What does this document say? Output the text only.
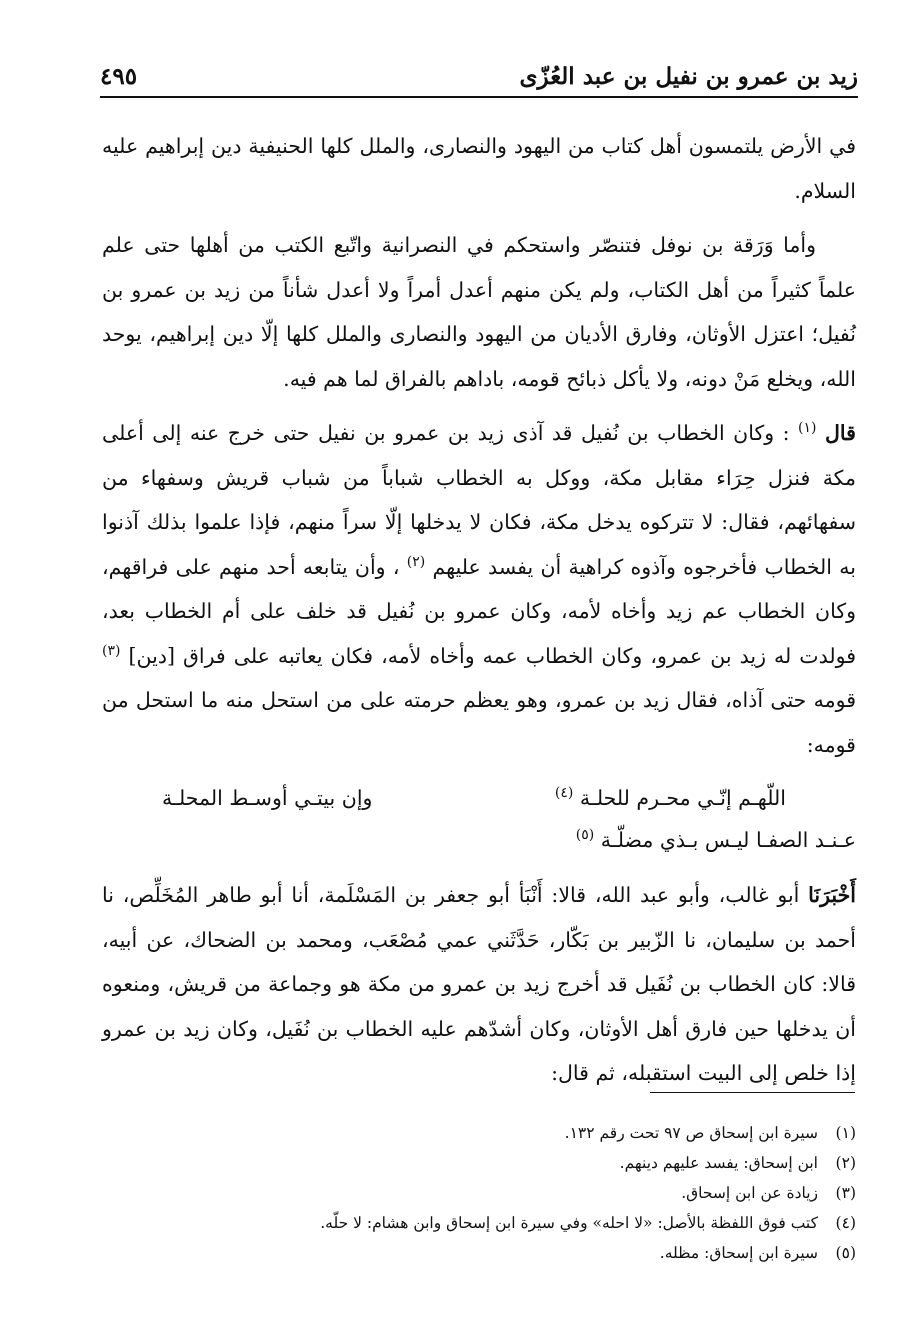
زيد بن عمرو بن نفيل بن عبد العُزّى
٤٩٥

في الأرض يلتمسون أهل كتاب من اليهود والنصارى، والملل كلها الحنيفية دين إبراهيم عليه السلام.

وأما وَرَقة بن نوفل فتنصّر واستحكم في النصرانية واتّبع الكتب من أهلها حتى علم علماً كثيراً من أهل الكتاب، ولم يكن منهم أعدل أمراً ولا أعدل شأناً من زيد بن عمرو بن نُفيل؛ اعتزل الأوثان، وفارق الأديان من اليهود والنصارى والملل كلها إلّا دين إبراهيم، يوحد الله، ويخلع مَنْ دونه، ولا يأكل ذبائح قومه، باداهم بالفراق لما هم فيه.

قال $^{(١)}$ : وكان الخطاب بن نُفيل قد آذى زيد بن عمرو بن نفيل حتى خرج عنه إلى أعلى مكة فنزل حِرَاء مقابل مكة، ووكل به الخطاب شباباً من شباب قريش وسفهاء من سفهائهم، فقال: لا تتركوه يدخل مكة، فكان لا يدخلها إلّا سراً منهم، فإذا علموا بذلك آذنوا به الخطاب فأخرجوه وآذوه كراهية أن يفسد عليهم $^{(٢)}$ ، وأن يتابعه أحد منهم على فراقهم، وكان الخطاب عم زيد وأخاه لأمه، وكان عمرو بن نُفيل قد خلف على أم الخطاب بعد، فولدت له زيد بن عمرو، وكان الخطاب عمه وأخاه لأمه، فكان يعاتبه على فراق [دين] $^{(٣)}$ قومه حتى آذاه، فقال زيد بن عمرو، وهو يعظم حرمته على من استحل منه ما استحل من قومه:

اللّهـم إنّـي محـرم للحلـة $^{(٤)}$
وإن بيتـي أوسـط المحلـة
عـنـد الصفـا ليـس بـذي مضلّـة $^{(٥)}$

أَخْبَرَنَا أبو غالب، وأبو عبد الله، قالا: أَنْبَأ أبو جعفر بن المَسْلَمة، أنا أبو طاهر المُخَلِّص، نا أحمد بن سليمان، نا الزّبير بن بَكّار، حَدَّثَني عمي مُصْعَب، ومحمد بن الضحاك، عن أبيه، قالا: كان الخطاب بن نُفَيل قد أخرج زيد بن عمرو من مكة هو وجماعة من قريش، ومنعوه أن يدخلها حين فارق أهل الأوثان، وكان أشدّهم عليه الخطاب بن نُفَيل، وكان زيد بن عمرو إذا خلص إلى البيت استقبله، ثم قال:

(١)سيرة ابن إسحاق ص ٩٧ تحت رقم ١٣٢.
(٢)ابن إسحاق: يفسد عليهم دينهم.
(٣)زيادة عن ابن إسحاق.
(٤)كتب فوق اللفظة بالأصل: «لا احله» وفي سيرة ابن إسحاق وابن هشام: لا حلّه.
(٥)سيرة ابن إسحاق: مظله.
